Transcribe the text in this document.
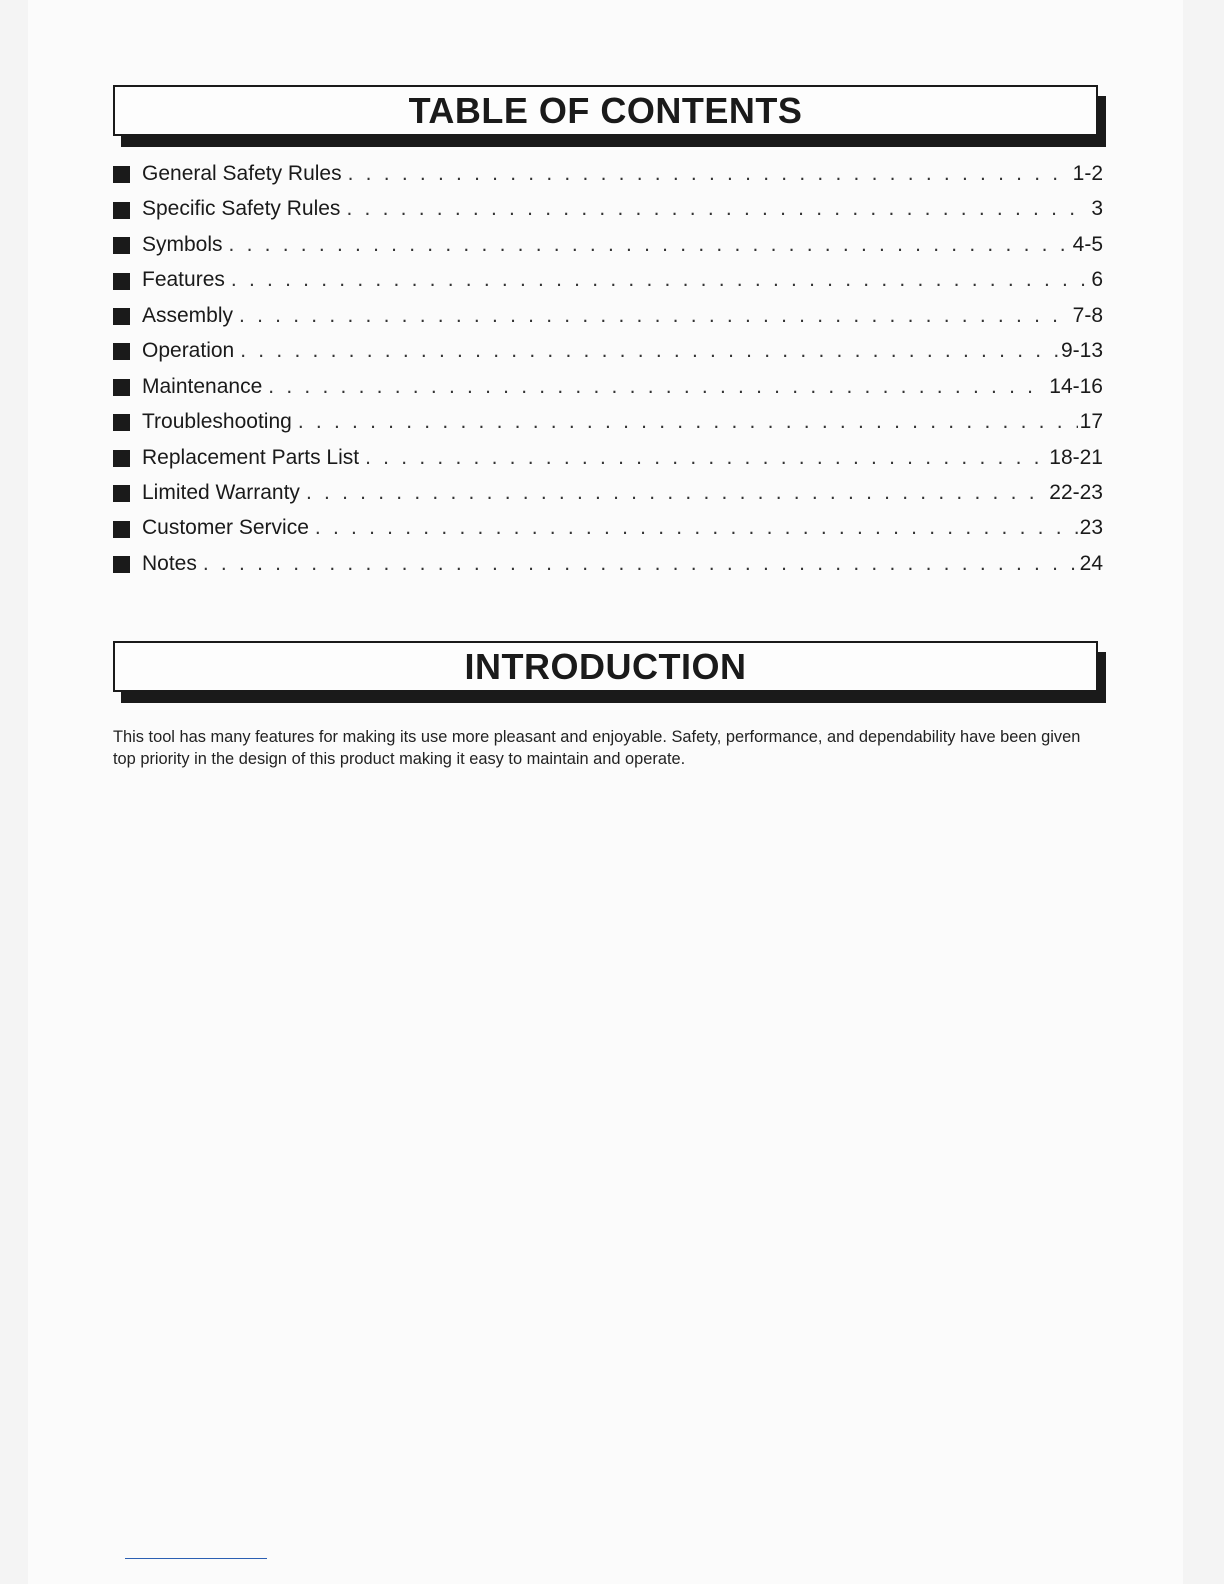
TABLE OF CONTENTS
General Safety Rules . . .	1-2
Specific Safety Rules . . .	3
Symbols . . .	4-5
Features . . .	6
Assembly . . .	7-8
Operation . . .	9-13
Maintenance . . .	14-16
Troubleshooting . . .	17
Replacement Parts List . . .	18-21
Limited Warranty . . .	22-23
Customer Service . . .	23
Notes . . .	24
INTRODUCTION

This tool has many features for making its use more pleasant and enjoyable. Safety, performance, and dependability have been given top priority in the design of this product making it easy to maintain and operate.
